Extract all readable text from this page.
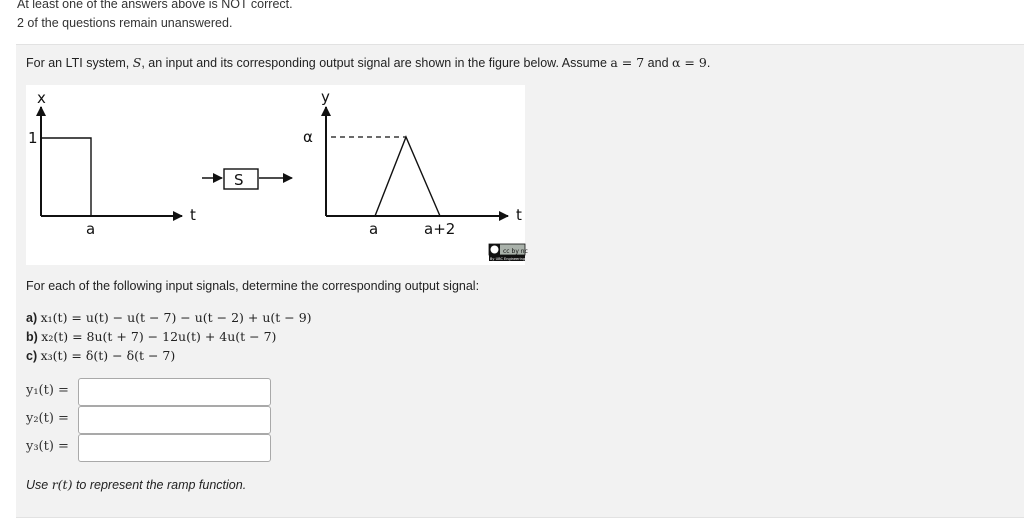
At least one of the answers above is NOT correct.
2 of the questions remain unanswered.
For an LTI system, S, an input and its corresponding output signal are shown in the figure below. Assume a = 7 and α = 9.
x
1
a
t
S
y
α
a	a+2
t
cc by nc
By UBC Engineering
For each of the following input signals, determine the corresponding output signal:
a) x₁(t) = u(t) − u(t − 7) − u(t − 2) + u(t − 9)
b) x₂(t) = 8u(t + 7) − 12u(t) + 4u(t − 7)
c) x₃(t) = δ(t) − δ(t − 7)
y₁(t) =
y₂(t) =
y₃(t) =
Use r(t) to represent the ramp function.
